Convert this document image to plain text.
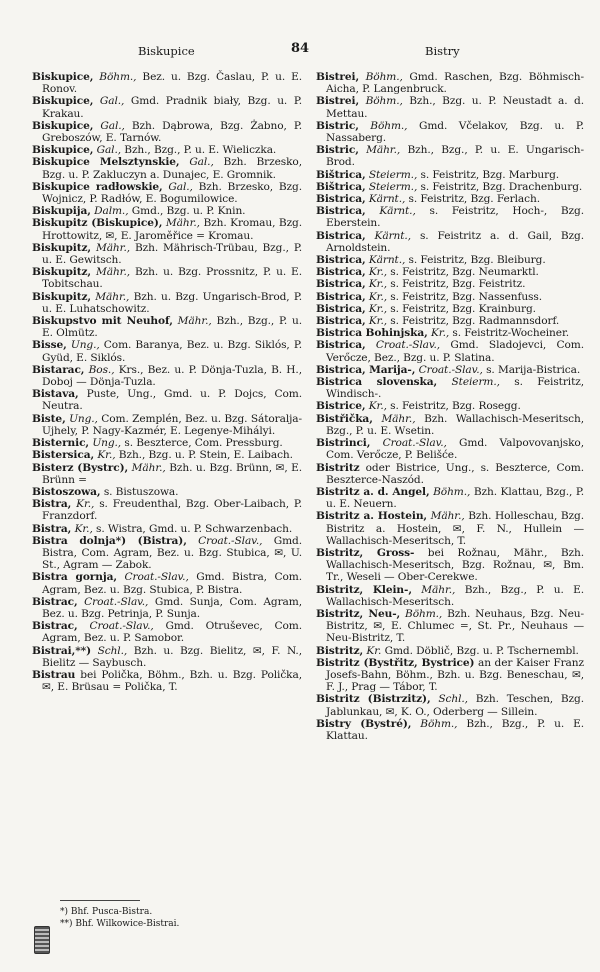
Biskupice	84	Bistry

Biskupice, Böhm., Bez. u. Bzg. Časlau, P. u. E. Ronov.

Biskupice, Gal., Gmd. Pradnik biały, Bzg. u. P. Krakau.

Biskupice, Gal., Bzh. Dąbrowa, Bzg. Żabno, P. Greboszów, E. Tarnów.

Biskupice, Gal., Bzh., Bzg., P. u. E. Wieliczka.

Biskupice Melsztynskie, Gal., Bzh. Brzesko, Bzg. u. P. Zakluczyn a. Dunajec, E. Gromnik.

Biskupice radłowskie, Gal., Bzh. Brzesko, Bzg. Wojnicz, P. Radłów, E. Bogumilowice.

Biskupija, Dalm., Gmd., Bzg. u. P. Knin.

Biskupitz (Biskupice), Mähr., Bzh. Kromau, Bzg. Hrottowitz, ✉, E. Jaroměřice = Kromau.

Biskupitz, Mähr., Bzh. Mährisch-Trübau, Bzg., P. u. E. Gewitsch.

Biskupitz, Mähr., Bzh. u. Bzg. Prossnitz, P. u. E. Tobitschau.

Biskupitz, Mähr., Bzh. u. Bzg. Ungarisch-Brod, P. u. E. Luhatschowitz.

Biskupstvo mit Neuhof, Mähr., Bzh., Bzg., P. u. E. Olmütz.

Bisse, Ung., Com. Baranya, Bez. u. Bzg. Siklós, P. Gyüd, E. Siklós.

Bistarac, Bos., Krs., Bez. u. P. Dönja-Tuzla, B. H., Doboj — Dönja-Tuzla.

Bistava, Puste, Ung., Gmd. u. P. Dojcs, Com. Neutra.

Biste, Ung., Com. Zemplén, Bez. u. Bzg. Sátoralja-Ujhely, P. Nagy-Kazmér, E. Legenye-Mihályi.

Bisternic, Ung., s. Beszterce, Com. Pressburg.

Bistersica, Kr., Bzh., Bzg. u. P. Stein, E. Laibach.

Bisterz (Bystrc), Mähr., Bzh. u. Bzg. Brünn, ✉, E. Brünn =

Bistoszowa, s. Bistuszowa.

Bistra, Kr., s. Freudenthal, Bzg. Ober-Laibach, P. Franzdorf.

Bistra, Kr., s. Wistra, Gmd. u. P. Schwarzenbach.

Bistra dolnja*) (Bistra), Croat.-Slav., Gmd. Bistra, Com. Agram, Bez. u. Bzg. Stubica, ✉, U. St., Agram — Zabok.

Bistra gornja, Croat.-Slav., Gmd. Bistra, Com. Agram, Bez. u. Bzg. Stubica, P. Bistra.

Bistrac, Croat.-Slav., Gmd. Sunja, Com. Agram, Bez. u. Bzg. Petrinja, P. Sunja.

Bistrac, Croat.-Slav., Gmd. Otruševec, Com. Agram, Bez. u. P. Samobor.

Bistrai,**) Schl., Bzh. u. Bzg. Bielitz, ✉, F. N., Bielitz — Saybusch.

Bistrau bei Polička, Böhm., Bzh. u. Bzg. Polička, ✉, E. Brüsau = Polička, T.

Bistrei, Böhm., Gmd. Raschen, Bzg. Böhmisch-Aicha, P. Langenbruck.

Bistrei, Böhm., Bzh., Bzg. u. P. Neustadt a. d. Mettau.

Bistric, Böhm., Gmd. Včelakov, Bzg. u. P. Nassaberg.

Bistric, Mähr., Bzh., Bzg., P. u. E. Ungarisch-Brod.

Bištrica, Steierm., s. Feistritz, Bzg. Marburg.

Bištrica, Steierm., s. Feistritz, Bzg. Drachenburg.

Bistrica, Kärnt., s. Feistritz, Bzg. Ferlach.

Bistrica, Kärnt., s. Feistritz, Hoch-, Bzg. Eberstein.

Bistrica, Kärnt., s. Feistritz a. d. Gail, Bzg. Arnoldstein.

Bistrica, Kärnt., s. Feistritz, Bzg. Bleiburg.

Bistrica, Kr., s. Feistritz, Bzg. Neumarktl.

Bistrica, Kr., s. Feistritz, Bzg. Feistritz.

Bistrica, Kr., s. Feistritz, Bzg. Nassenfuss.

Bistrica, Kr., s. Feistritz, Bzg. Krainburg.

Bistrica, Kr., s. Feistritz, Bzg. Radmannsdorf.

Bistrica Bohinjska, Kr., s. Feistritz-Wocheiner.

Bistrica, Croat.-Slav., Gmd. Sladojevci, Com. Verőcze, Bez., Bzg. u. P. Slatina.

Bistrica, Marija-, Croat.-Slav., s. Marija-Bistrica.

Bistrica slovenska, Steierm., s. Feistritz, Windisch-.

Bistrice, Kr., s. Feistritz, Bzg. Rosegg.

Bistřička, Mähr., Bzh. Wallachisch-Meseritsch, Bzg., P. u. E. Wsetin.

Bistrinci, Croat.-Slav., Gmd. Valpovovanjsko, Com. Verőcze, P. Belišće.

Bistritz oder Bistrice, Ung., s. Beszterce, Com. Beszterce-Naszód.

Bistritz a. d. Angel, Böhm., Bzh. Klattau, Bzg., P. u. E. Neuern.

Bistritz a. Hostein, Mähr., Bzh. Holleschau, Bzg. Bistritz a. Hostein, ✉, F. N., Hullein — Wallachisch-Meseritsch, T.

Bistritz, Gross- bei Rožnau, Mähr., Bzh. Wallachisch-Meseritsch, Bzg. Rožnau, ✉, Bm. Tr., Weseli — Ober-Cerekwe.

Bistritz, Klein-, Mähr., Bzh., Bzg., P. u. E. Wallachisch-Meseritsch.

Bistritz, Neu-, Böhm., Bzh. Neuhaus, Bzg. Neu-Bistritz, ✉, E. Chlumec =, St. Pr., Neuhaus — Neu-Bistritz, T.

Bistritz, Kr. Gmd. Döblič, Bzg. u. P. Tschernembl.

Bistritz (Bystřitz, Bystrice) an der Kaiser Franz Josefs-Bahn, Böhm., Bzh. u. Bzg. Beneschau, ✉, F. J., Prag — Tábor, T.

Bistritz (Bistrzitz), Schl., Bzh. Teschen, Bzg. Jablunkau, ✉, K. O., Oderberg — Sillein.

Bistry (Bystré), Böhm., Bzh., Bzg., P. u. E. Klattau.

*) Bhf. Pusca-Bistra.
**) Bhf. Wilkowice-Bistrai.
